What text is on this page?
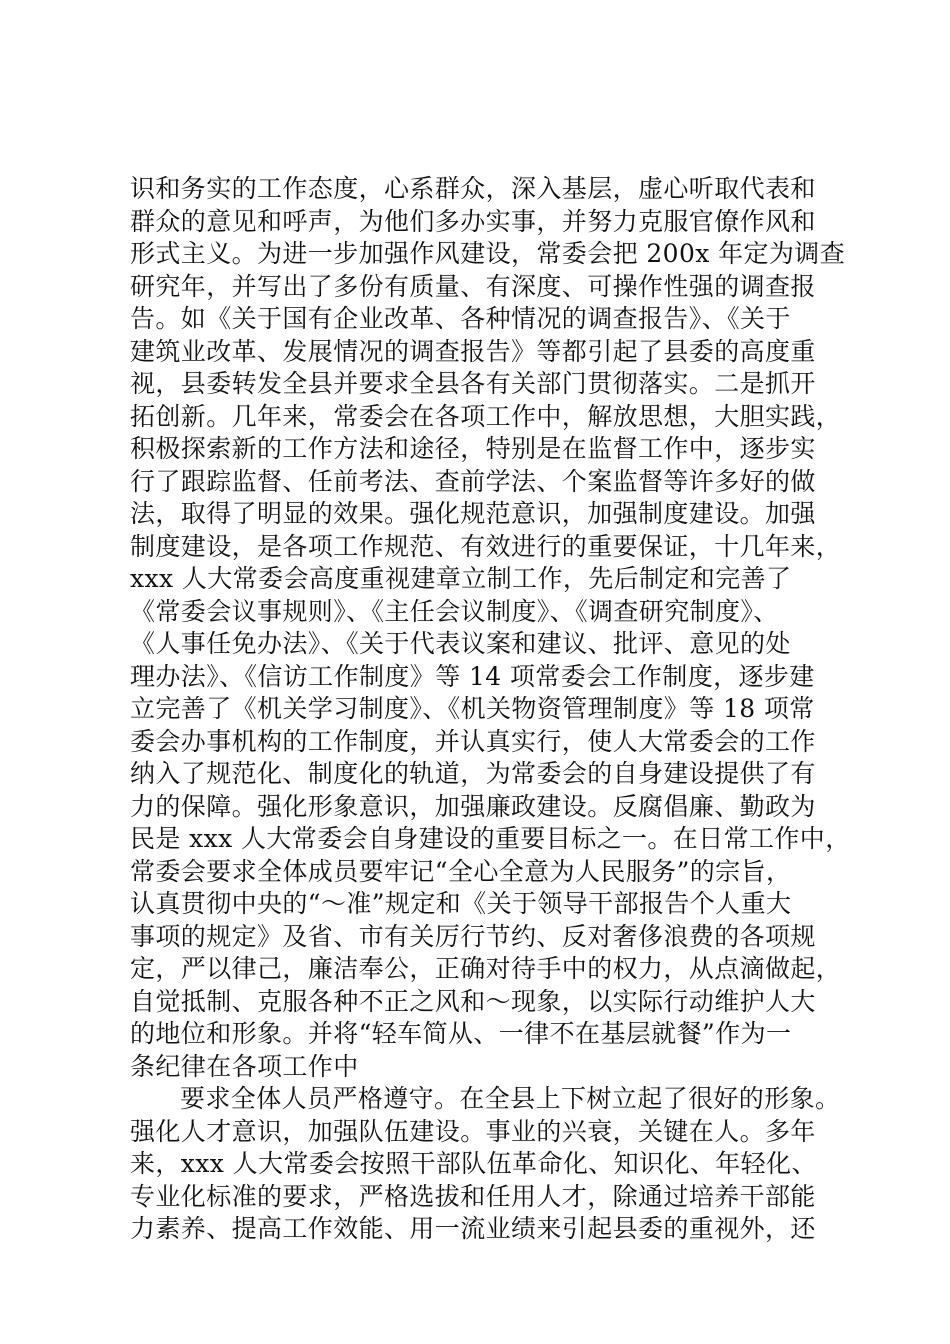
识和务实的工作态度，心系群众，深入基层，虚心听取代表和
群众的意见和呼声，为他们多办实事，并努力克服官僚作风和
形式主义。为进一步加强作风建设，常委会把 200x 年定为调查
研究年，并写出了多份有质量、有深度、可操作性强的调查报
告。如《关于国有企业改革、各种情况的调查报告》、《关于
建筑业改革、发展情况的调查报告》等都引起了县委的高度重
视，县委转发全县并要求全县各有关部门贯彻落实。二是抓开
拓创新。几年来，常委会在各项工作中，解放思想，大胆实践，
积极探索新的工作方法和途径，特别是在监督工作中，逐步实
行了跟踪监督、任前考法、查前学法、个案监督等许多好的做
法，取得了明显的效果。强化规范意识，加强制度建设。加强
制度建设，是各项工作规范、有效进行的重要保证，十几年来，
xxx 人大常委会高度重视建章立制工作，先后制定和完善了
《常委会议事规则》、《主任会议制度》、《调查研究制度》、
《人事任免办法》、《关于代表议案和建议、批评、意见的处
理办法》、《信访工作制度》等 14 项常委会工作制度，逐步建
立完善了《机关学习制度》、《机关物资管理制度》等 18 项常
委会办事机构的工作制度，并认真实行，使人大常委会的工作
纳入了规范化、制度化的轨道，为常委会的自身建设提供了有
力的保障。强化形象意识，加强廉政建设。反腐倡廉、勤政为
民是 xxx 人大常委会自身建设的重要目标之一。在日常工作中，
常委会要求全体成员要牢记“全心全意为人民服务”的宗旨，
认真贯彻中央的“～准”规定和《关于领导干部报告个人重大
事项的规定》及省、市有关厉行节约、反对奢侈浪费的各项规
定，严以律己，廉洁奉公，正确对待手中的权力，从点滴做起，
自觉抵制、克服各种不正之风和～现象，以实际行动维护人大
的地位和形象。并将“轻车简从、一律不在基层就餐”作为一
条纪律在各项工作中
要求全体人员严格遵守。在全县上下树立起了很好的形象。
强化人才意识，加强队伍建设。事业的兴衰，关键在人。多年
来，xxx 人大常委会按照干部队伍革命化、知识化、年轻化、
专业化标准的要求，严格选拔和任用人才，除通过培养干部能
力素养、提高工作效能、用一流业绩来引起县委的重视外，还
